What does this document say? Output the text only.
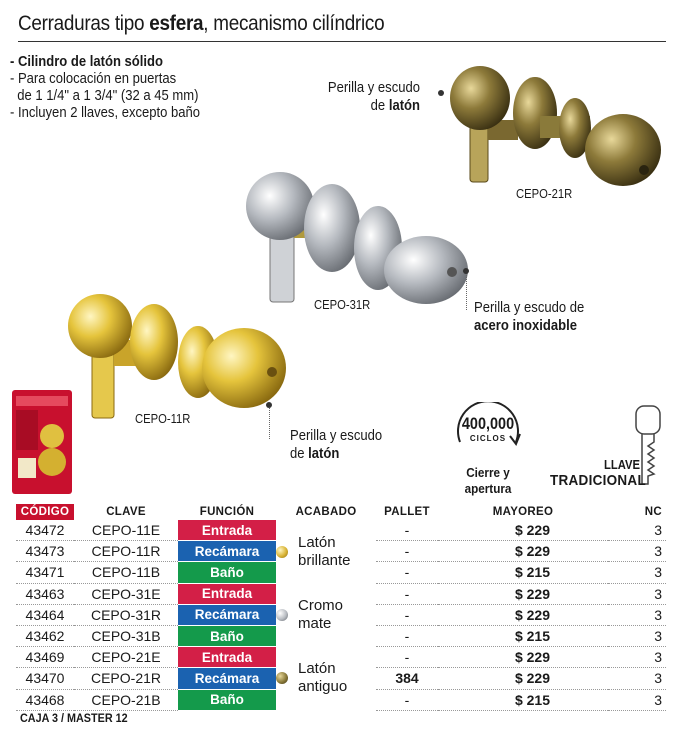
Cerraduras tipo esfera, mecanismo cilíndrico
- Cilindro de latón sólido
- Para colocación en puertas
de 1 1/4" a 1 3/4" (32 a 45 mm)
- Incluyen 2 llaves, excepto baño
Perilla y escudo
de latón
CEPO-21R
CEPO-31R	Perilla y escudo de
acero inoxidable
CEPO-11R
Perilla y escudo
de latón
400,000
CICLOS
Cierre y
apertura
LLAVE
TRADICIONAL
CÓDIGO	CLAVE	FUNCIÓN	ACABADO	PALLET	MAYOREO	NC
43472	CEPO-11E	Entrada	Latón
brillante	-	$ 229	3
43473	CEPO-11R	Recámara		-	$ 229	3
43471	CEPO-11B	Baño		-	$ 215	3
43463	CEPO-31E	Entrada	Cromo
mate	-	$ 229	3
43464	CEPO-31R	Recámara		-	$ 229	3
43462	CEPO-31B	Baño		-	$ 215	3
43469	CEPO-21E	Entrada	Latón
antiguo	-	$ 229	3
43470	CEPO-21R	Recámara		384	$ 229	3
43468	CEPO-21B	Baño		-	$ 215	3
CAJA 3 / MASTER 12
